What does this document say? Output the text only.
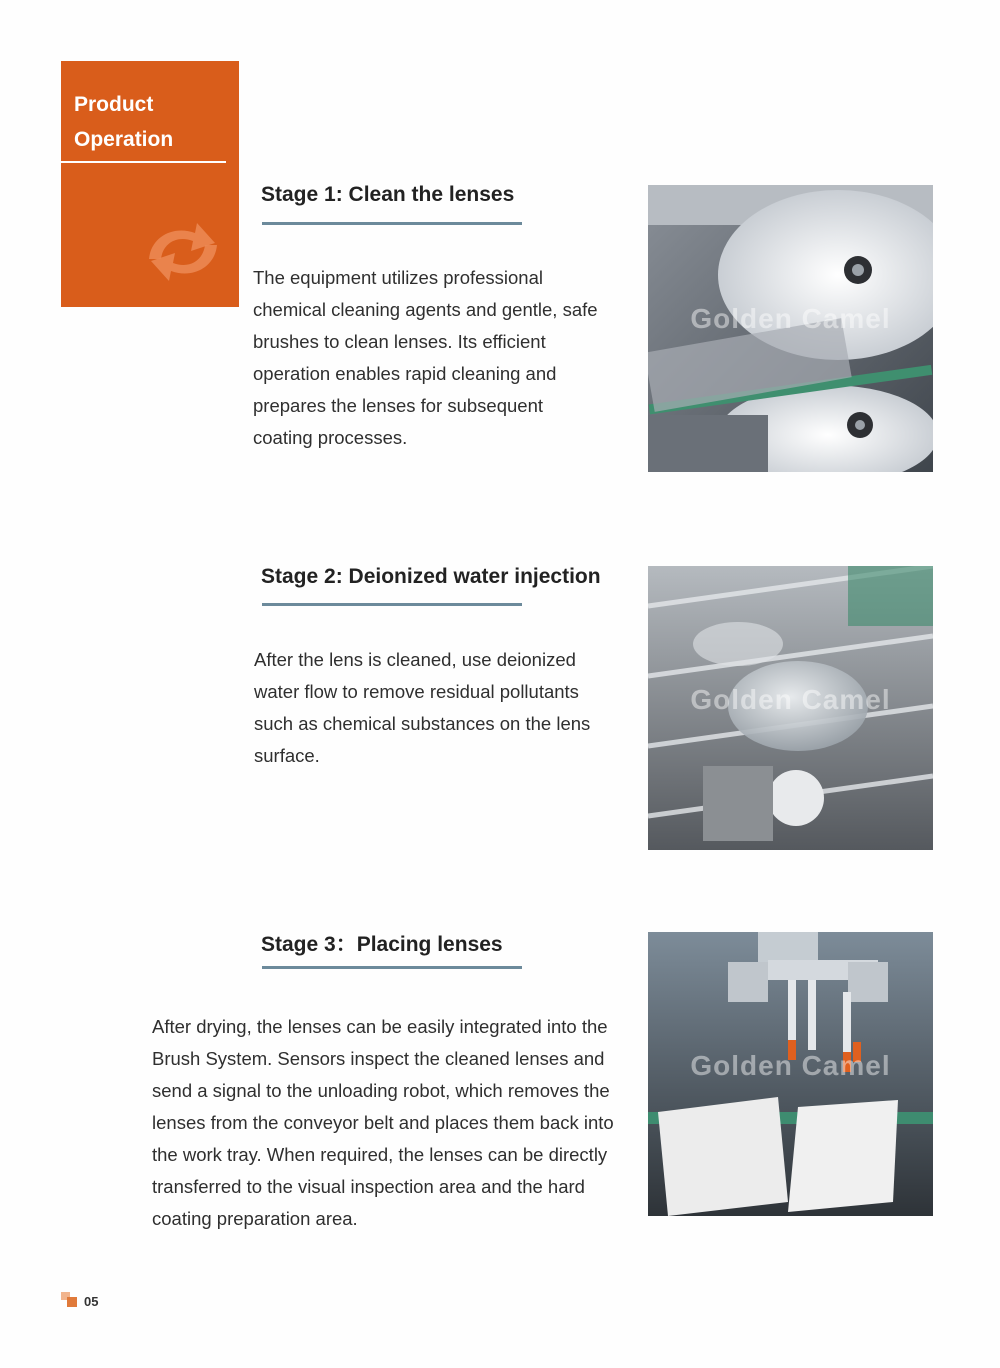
Product Operation
Stage 1: Clean the lenses
The equipment utilizes professional chemical cleaning agents and gentle, safe brushes to clean lenses. Its efficient operation enables rapid cleaning and prepares the lenses for subsequent coating processes.
Golden Camel
Stage 2: Deionized water injection
After the lens is cleaned, use deionized water flow to remove residual pollutants such as chemical substances on the lens surface.
Golden Camel
Stage 3：Placing lenses
After drying, the lenses can be easily integrated into the Brush System. Sensors inspect the cleaned lenses and send a signal to the unloading robot, which removes the lenses from the conveyor belt and places them back into the work tray. When required, the lenses can be directly transferred to the visual inspection area and the hard coating preparation area.
Golden Camel
05
